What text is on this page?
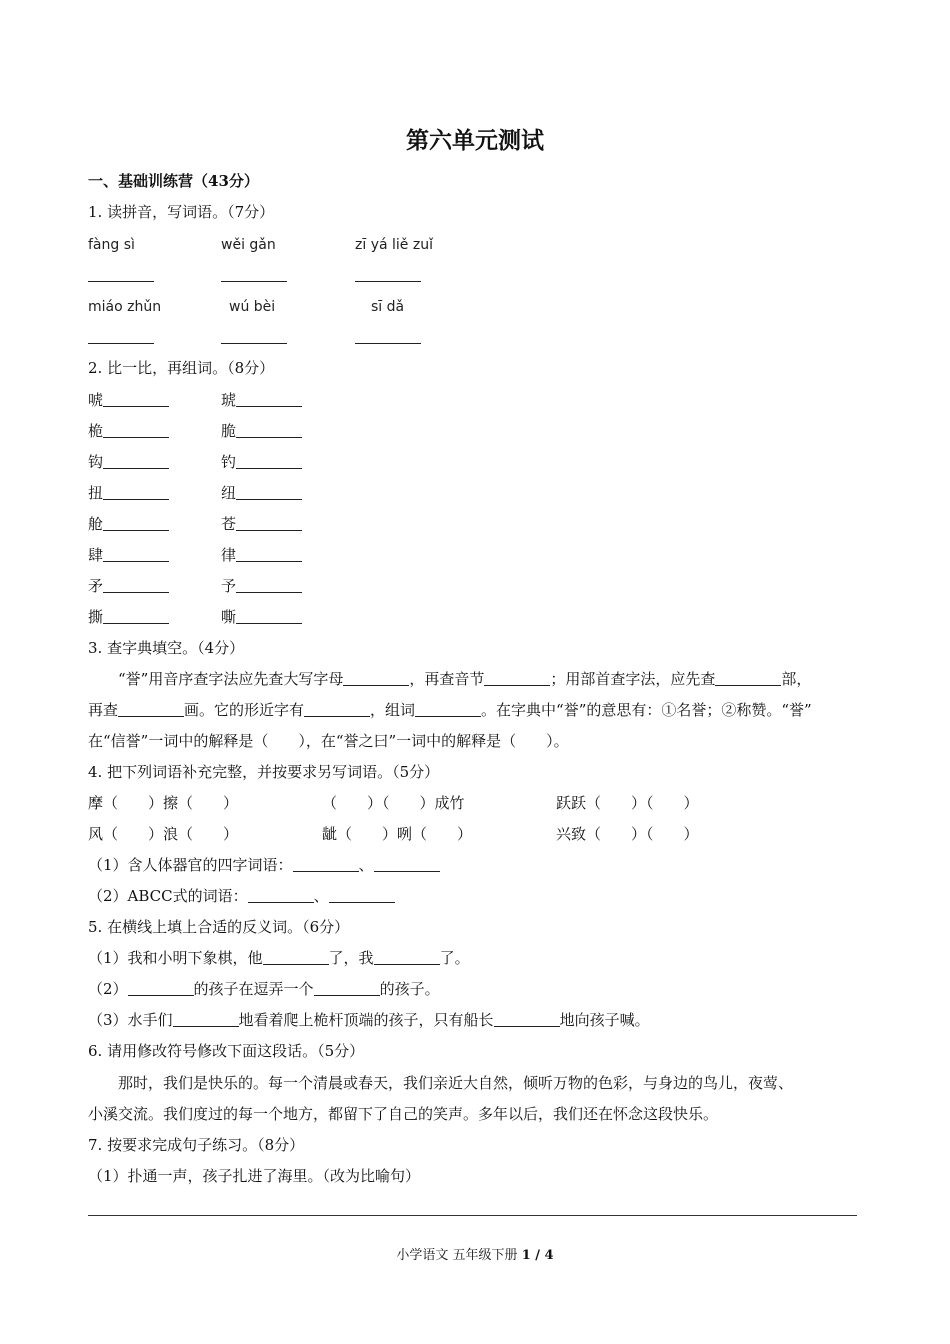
第六单元测试
一、基础训练营（43分）
1. 读拼音，写词语。（7分）
fàng sì	wěi gǎn	zī yá liě zuǐ
miáo zhǔn	wú bèi	sī dǎ
2. 比一比，再组词。（8分）
唬	琥
桅	脆
钩	钓
扭	纽
舱	苍
肆	律
矛	予
撕	嘶
3. 查字典填空。（4分）
“誉”用音序查字法应先查大写字母	，再查音节	；用部首查字法，应先查	部，
再查	画。它的形近字有	，组词	。在字典中“誉”的意思有：①名誉；②称赞。“誉”
在“信誉”一词中的解释是（　　），在“誉之曰”一词中的解释是（　　）。
4. 把下列词语补充完整，并按要求另写词语。（5分）
摩（　　）擦（　　）	（　　）（　　）成竹	跃跃（　　）（　　）
风（　　）浪（　　）	龇（　　）咧（　　）	兴致（　　）（　　）
（1）含人体器官的四字词语：	、
（2）ABCC式的词语：	、
5. 在横线上填上合适的反义词。（6分）
（1）我和小明下象棋，他	了，我	了。
（2）	的孩子在逗弄一个	的孩子。
（3）水手们	地看着爬上桅杆顶端的孩子，只有船长	地向孩子喊。
6. 请用修改符号修改下面这段话。（5分）
那时，我们是快乐的。每一个清晨或春天，我们亲近大自然，倾听万物的色彩，与身边的鸟儿，夜莺、
小溪交流。我们度过的每一个地方，都留下了自己的笑声。多年以后，我们还在怀念这段快乐。
7. 按要求完成句子练习。（8分）
（1）扑通一声，孩子扎进了海里。（改为比喻句）
小学语文 五年级下册 1 / 4
